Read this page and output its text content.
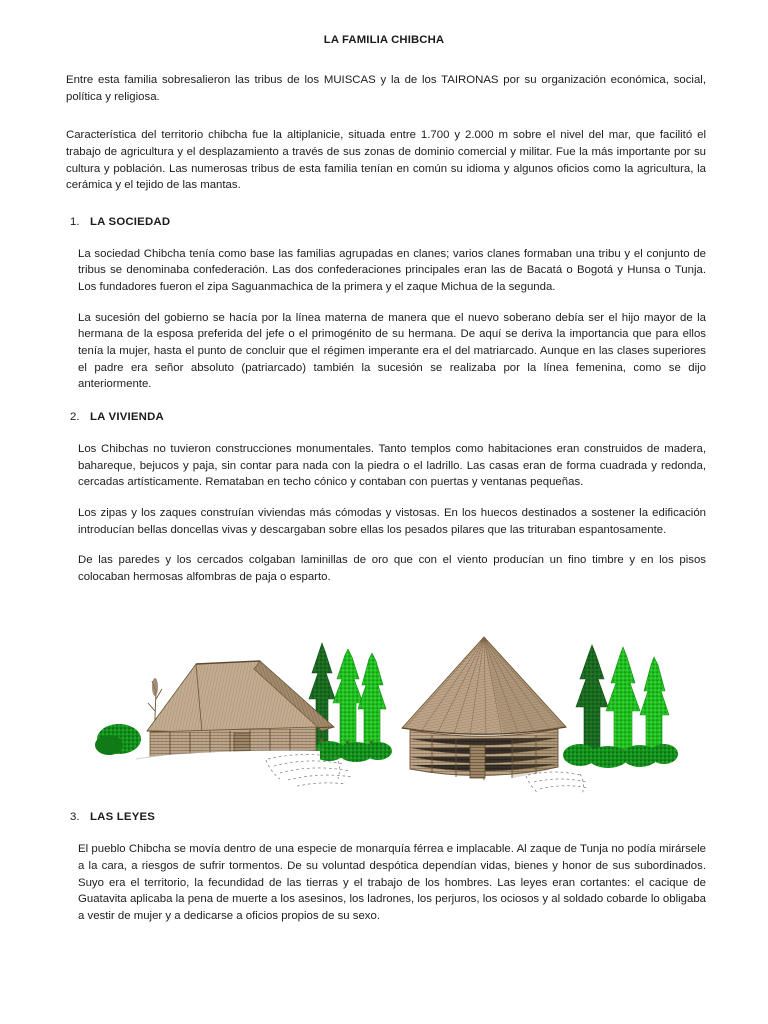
LA FAMILIA CHIBCHA

Entre esta familia sobresalieron las tribus de los MUISCAS y la de los TAIRONAS por su organización económica, social, política y religiosa.

Característica del territorio chibcha fue la altiplanicie, situada entre 1.700 y 2.000 m sobre el nivel del mar, que facilitó el trabajo de agricultura y el desplazamiento a través de sus zonas de dominio comercial y militar. Fue la más importante por su cultura y población. Las numerosas tribus de esta familia tenían en común su idioma y algunos oficios como la agricultura, la cerámica y el tejido de las mantas.

1. LA SOCIEDAD

La sociedad Chibcha tenía como base las familias agrupadas en clanes; varios clanes formaban una tribu y el conjunto de tribus se denominaba confederación. Las dos confederaciones principales eran las de Bacatá o Bogotá y Hunsa o Tunja. Los fundadores fueron el zipa Saguanmachica de la primera y el zaque Michua de la segunda.

La sucesión del gobierno se hacía por la línea materna de manera que el nuevo soberano debía ser el hijo mayor de la hermana de la esposa preferida del jefe o el primogénito de su hermana. De aquí se deriva la importancia que para ellos tenía la mujer, hasta el punto de concluir que el régimen imperante era el del matriarcado. Aunque en las clases superiores el padre era señor absoluto (patriarcado) también la sucesión se realizaba por la línea femenina, como se dijo anteriormente.

2. LA VIVIENDA

Los Chibchas no tuvieron construcciones monumentales. Tanto templos como habitaciones eran construidos de madera, bahareque, bejucos y paja, sin contar para nada con la piedra o el ladrillo. Las casas eran de forma cuadrada y redonda, cercadas artísticamente. Remataban en techo cónico y contaban con puertas y ventanas pequeñas.

Los zipas y los zaques construían viviendas más cómodas y vistosas. En los huecos destinados a sostener la edificación introducían bellas doncellas vivas y descargaban sobre ellas los pesados pilares que las trituraban espantosamente.

De las paredes y los cercados colgaban laminillas de oro que con el viento producían un fino timbre y en los pisos colocaban hermosas alfombras de paja o esparto.

3. LAS LEYES

El pueblo Chibcha se movía dentro de una especie de monarquía férrea e implacable. Al zaque de Tunja no podía mirársele a la cara, a riesgos de sufrir tormentos. De su voluntad despótica dependían vidas, bienes y honor de sus subordinados. Suyo era el territorio, la fecundidad de las tierras y el trabajo de los hombres. Las leyes eran cortantes: el cacique de Guatavita aplicaba la pena de muerte a los asesinos, los ladrones, los perjuros, los ociosos y al soldado cobarde lo obligaba a vestir de mujer y a dedicarse a oficios propios de su sexo.
